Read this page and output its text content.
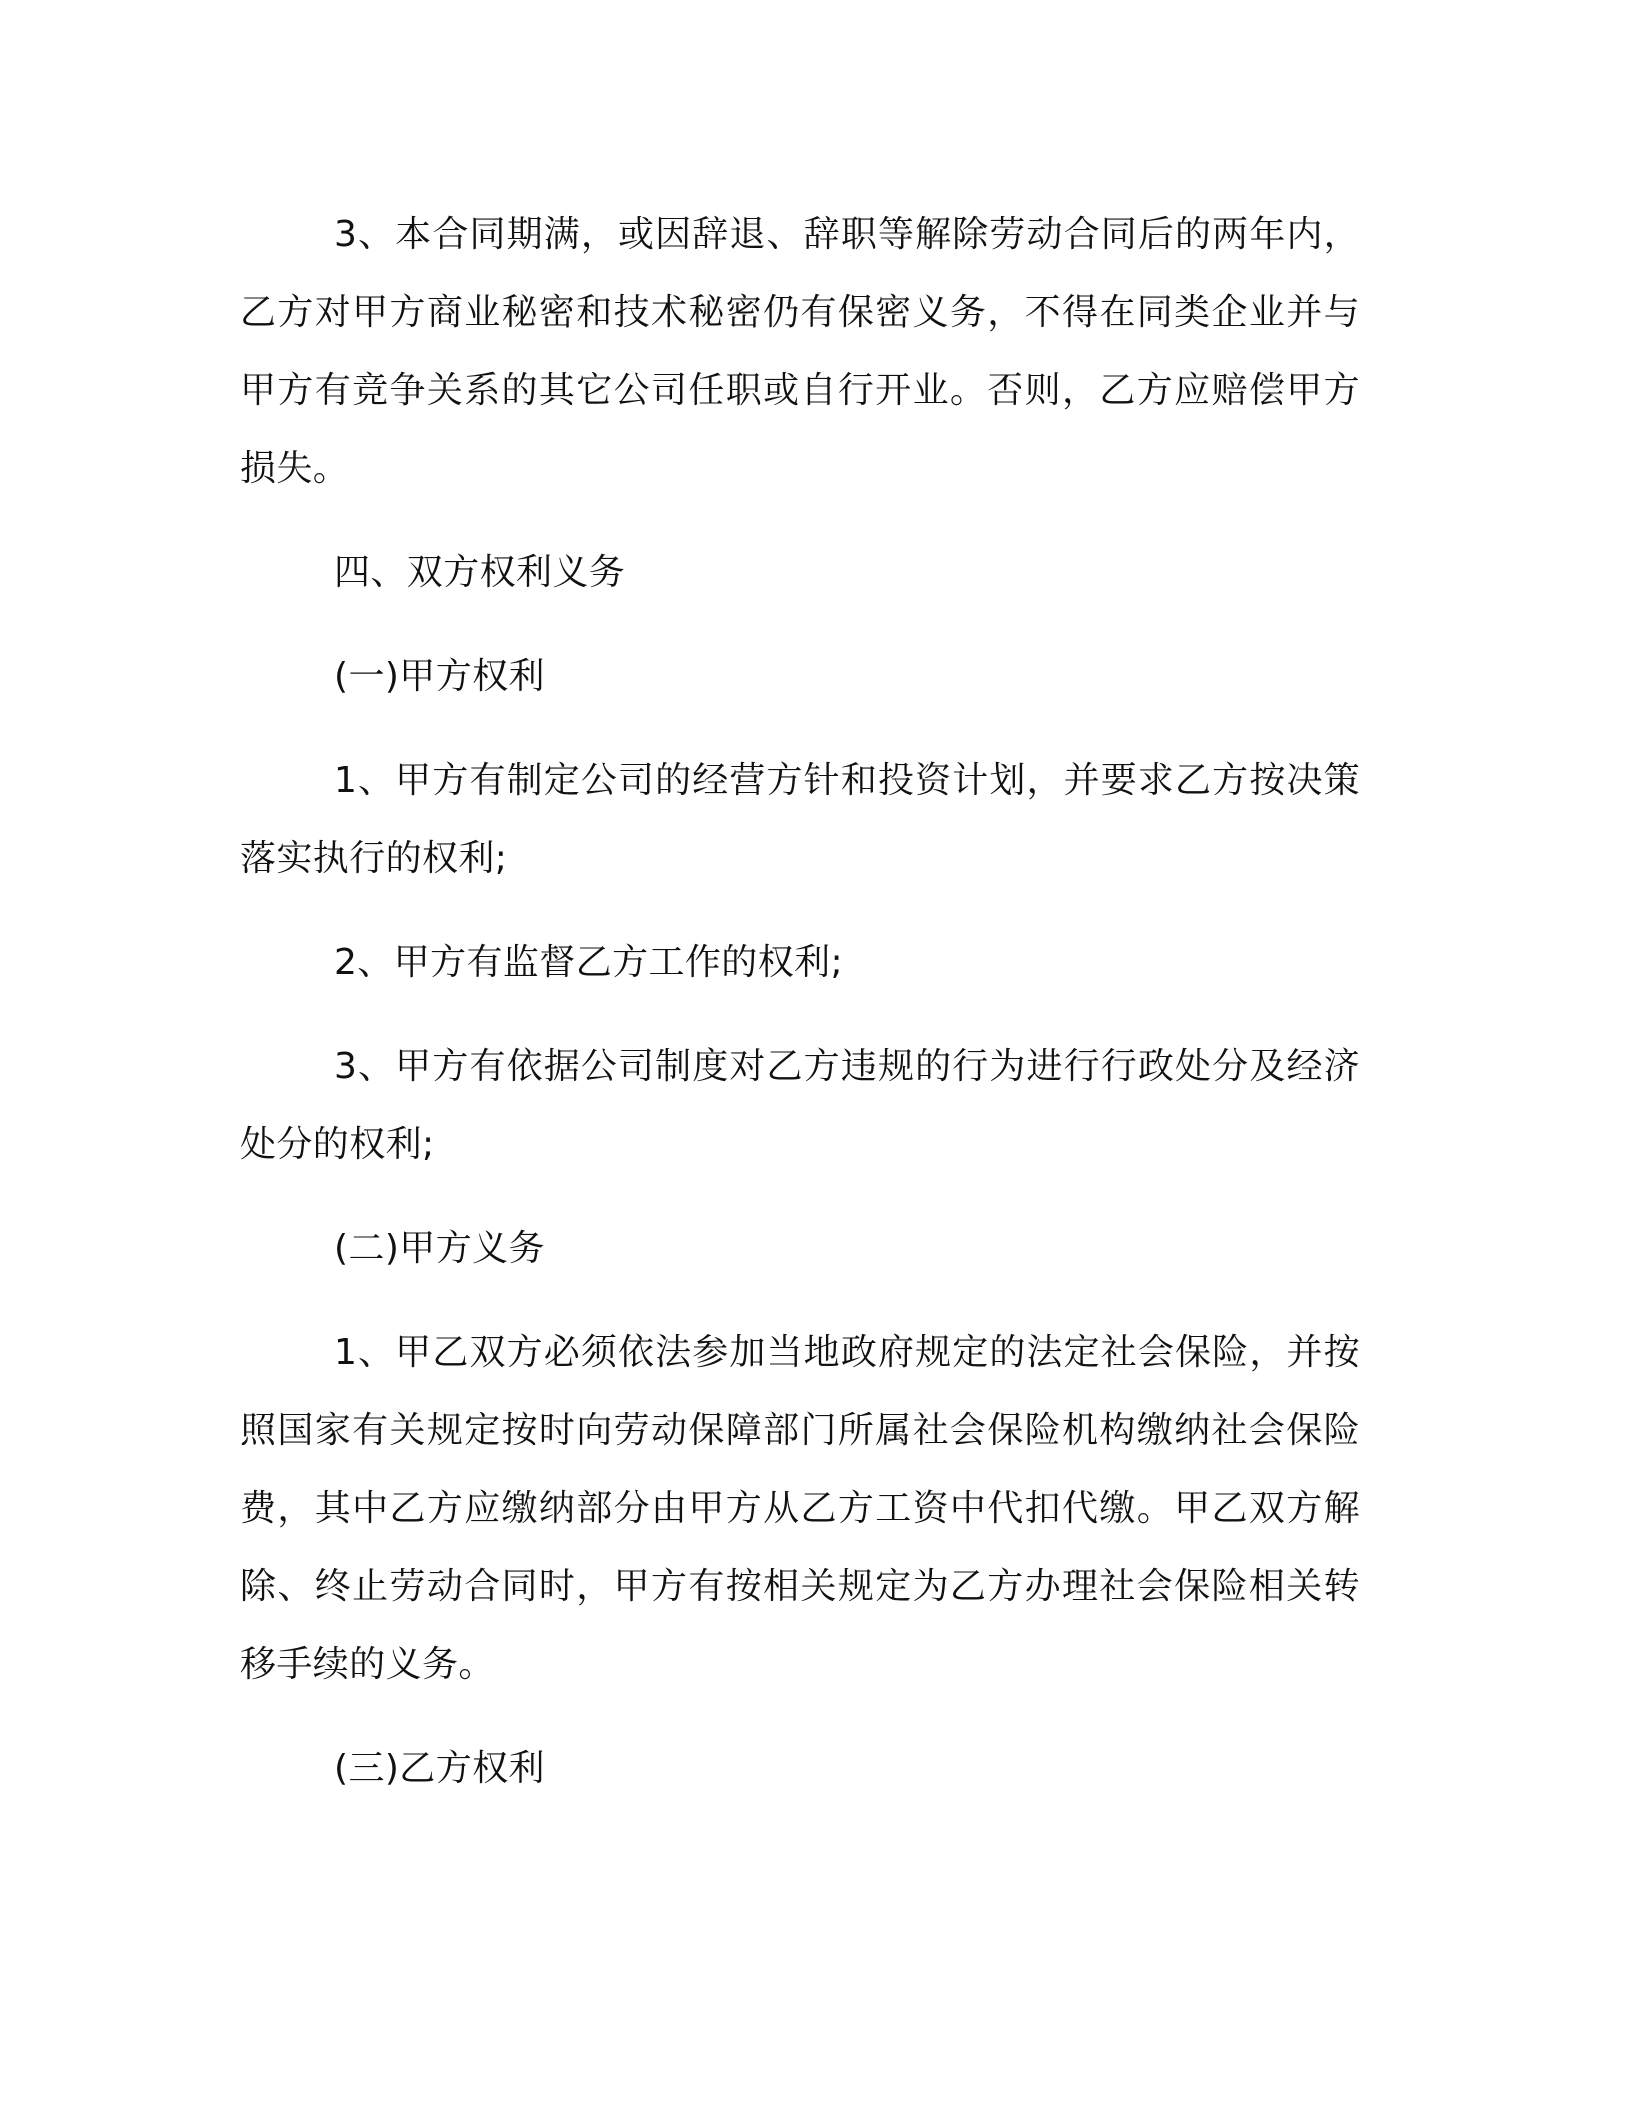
3、本合同期满，或因辞退、辞职等解除劳动合同后的两年内，乙方对甲方商业秘密和技术秘密仍有保密义务，不得在同类企业并与甲方有竞争关系的其它公司任职或自行开业。否则，乙方应赔偿甲方损失。

四、双方权利义务

(一)甲方权利

1、甲方有制定公司的经营方针和投资计划，并要求乙方按决策落实执行的权利;

2、甲方有监督乙方工作的权利;

3、甲方有依据公司制度对乙方违规的行为进行行政处分及经济处分的权利;

(二)甲方义务

1、甲乙双方必须依法参加当地政府规定的法定社会保险，并按照国家有关规定按时向劳动保障部门所属社会保险机构缴纳社会保险费，其中乙方应缴纳部分由甲方从乙方工资中代扣代缴。甲乙双方解除、终止劳动合同时，甲方有按相关规定为乙方办理社会保险相关转移手续的义务。

(三)乙方权利
